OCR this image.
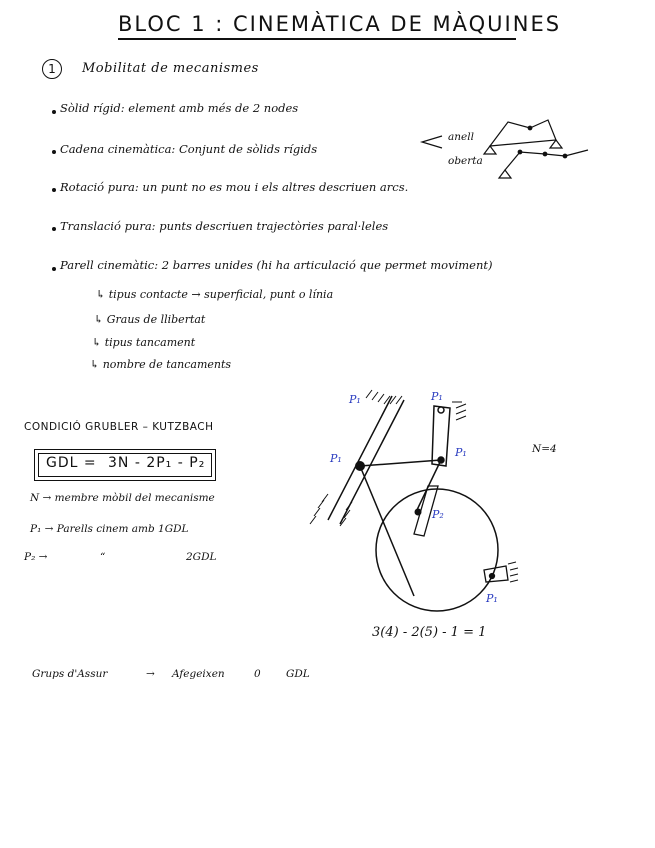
BLOC 1 : CINEMÀTICA DE MÀQUINES
1	Mobilitat de mecanismes
Sòlid rígid: element amb més de 2 nodes
Cadena cinemàtica: Conjunt de sòlids rígids
anell
oberta
Rotació pura: un punt no es mou i els altres descriuen arcs.
Translació pura: punts descriuen trajectòries paral·leles
Parell cinemàtic: 2 barres unides (hi ha articulació que permet moviment)
↳ tipus contacte → superficial, punt o línia
↳ Graus de llibertat
↳ tipus tancament
↳ nombre de tancaments
CONDICIÓ GRUBLER – KUTZBACH
GDL = 3N - 2P₁ - P₂
N → membre mòbil del mecanisme
P₁ → Parells cinem amb 1GDL
P₂ →	“	2GDL
P₁	P₁
P₁	P₁
P₂
P₁
N=4
3(4) - 2(5) - 1 = 1
Grups d'Assur	→ Afegeixen	0 GDL
